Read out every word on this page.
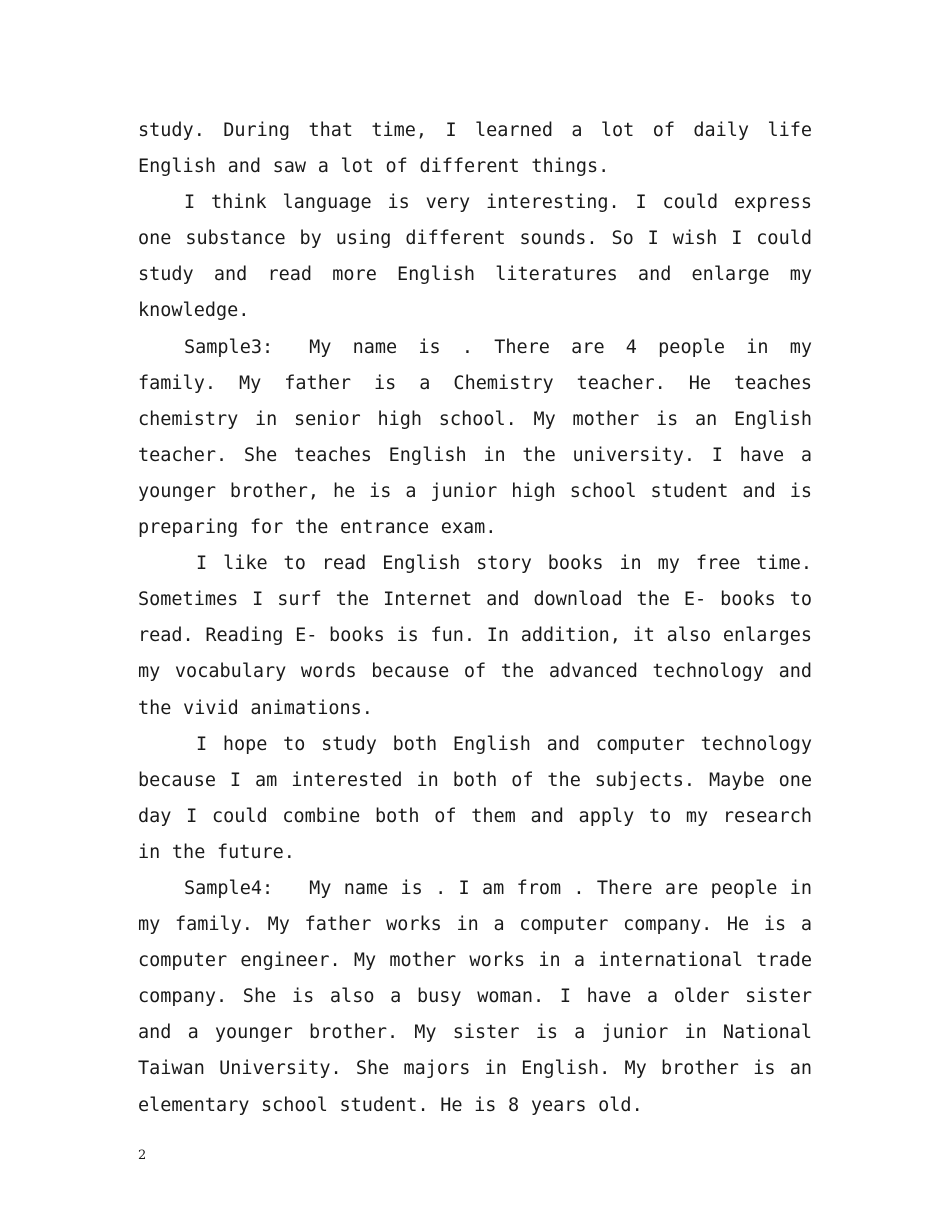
study. During that time, I learned a lot of daily life English and saw a lot of different things.

I think language is very interesting. I could express one substance by using different sounds. So I wish I could study and read more English literatures and enlarge my knowledge.

Sample3: My name is . There are 4 people in my family. My father is a Chemistry teacher. He teaches chemistry in senior high school. My mother is an English teacher. She teaches English in the university. I have a younger brother, he is a junior high school student and is preparing for the entrance exam.

I like to read English story books in my free time. Sometimes I surf the Internet and download the E- books to read. Reading E- books is fun. In addition, it also enlarges my vocabulary words because of the advanced technology and the vivid animations.

I hope to study both English and computer technology because I am interested in both of the subjects. Maybe one day I could combine both of them and apply to my research in the future.

Sample4: My name is . I am from . There are people in my family. My father works in a computer company. He is a computer engineer. My mother works in a international trade company. She is also a busy woman. I have a older sister and a younger brother. My sister is a junior in National Taiwan University. She majors in English. My brother is an elementary school student. He is 8 years old.

2
